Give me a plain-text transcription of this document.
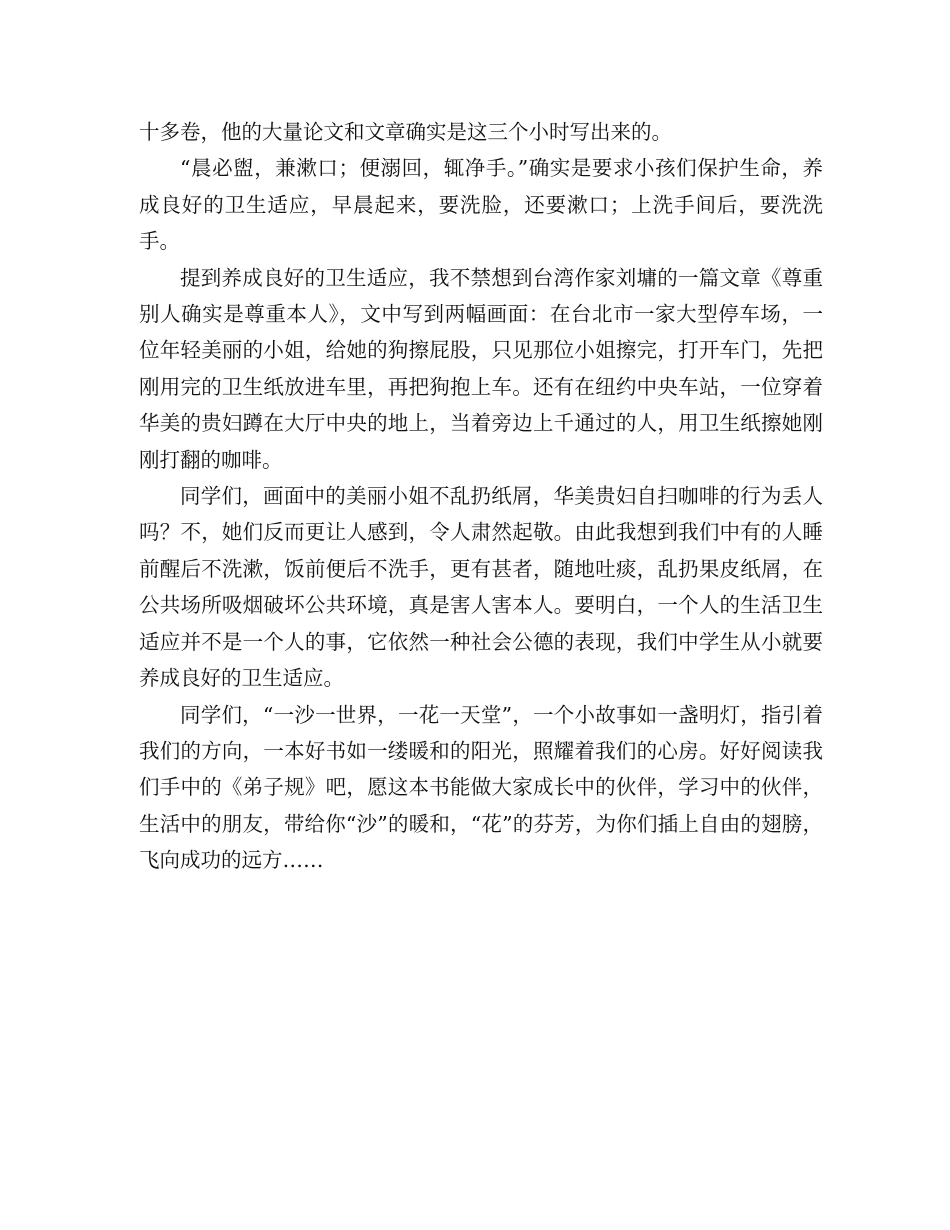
十多卷，他的大量论文和文章确实是这三个小时写出来的。

“晨必盥，兼漱口；便溺回，辄净手。”确实是要求小孩们保护生命，养成良好的卫生适应，早晨起来，要洗脸，还要漱口；上洗手间后，要洗洗手。

提到养成良好的卫生适应，我不禁想到台湾作家刘墉的一篇文章《尊重别人确实是尊重本人》，文中写到两幅画面：在台北市一家大型停车场，一位年轻美丽的小姐，给她的狗擦屁股，只见那位小姐擦完，打开车门，先把刚用完的卫生纸放进车里，再把狗抱上车。还有在纽约中央车站，一位穿着华美的贵妇蹲在大厅中央的地上，当着旁边上千通过的人，用卫生纸擦她刚刚打翻的咖啡。

同学们，画面中的美丽小姐不乱扔纸屑，华美贵妇自扫咖啡的行为丢人吗？不，她们反而更让人感到，令人肃然起敬。由此我想到我们中有的人睡前醒后不洗漱，饭前便后不洗手，更有甚者，随地吐痰，乱扔果皮纸屑，在公共场所吸烟破坏公共环境，真是害人害本人。要明白，一个人的生活卫生适应并不是一个人的事，它依然一种社会公德的表现，我们中学生从小就要养成良好的卫生适应。

同学们，“一沙一世界，一花一天堂”，一个小故事如一盏明灯，指引着我们的方向，一本好书如一缕暖和的阳光，照耀着我们的心房。好好阅读我们手中的《弟子规》吧，愿这本书能做大家成长中的伙伴，学习中的伙伴，生活中的朋友，带给你“沙”的暖和，“花”的芬芳，为你们插上自由的翅膀，飞向成功的远方……
